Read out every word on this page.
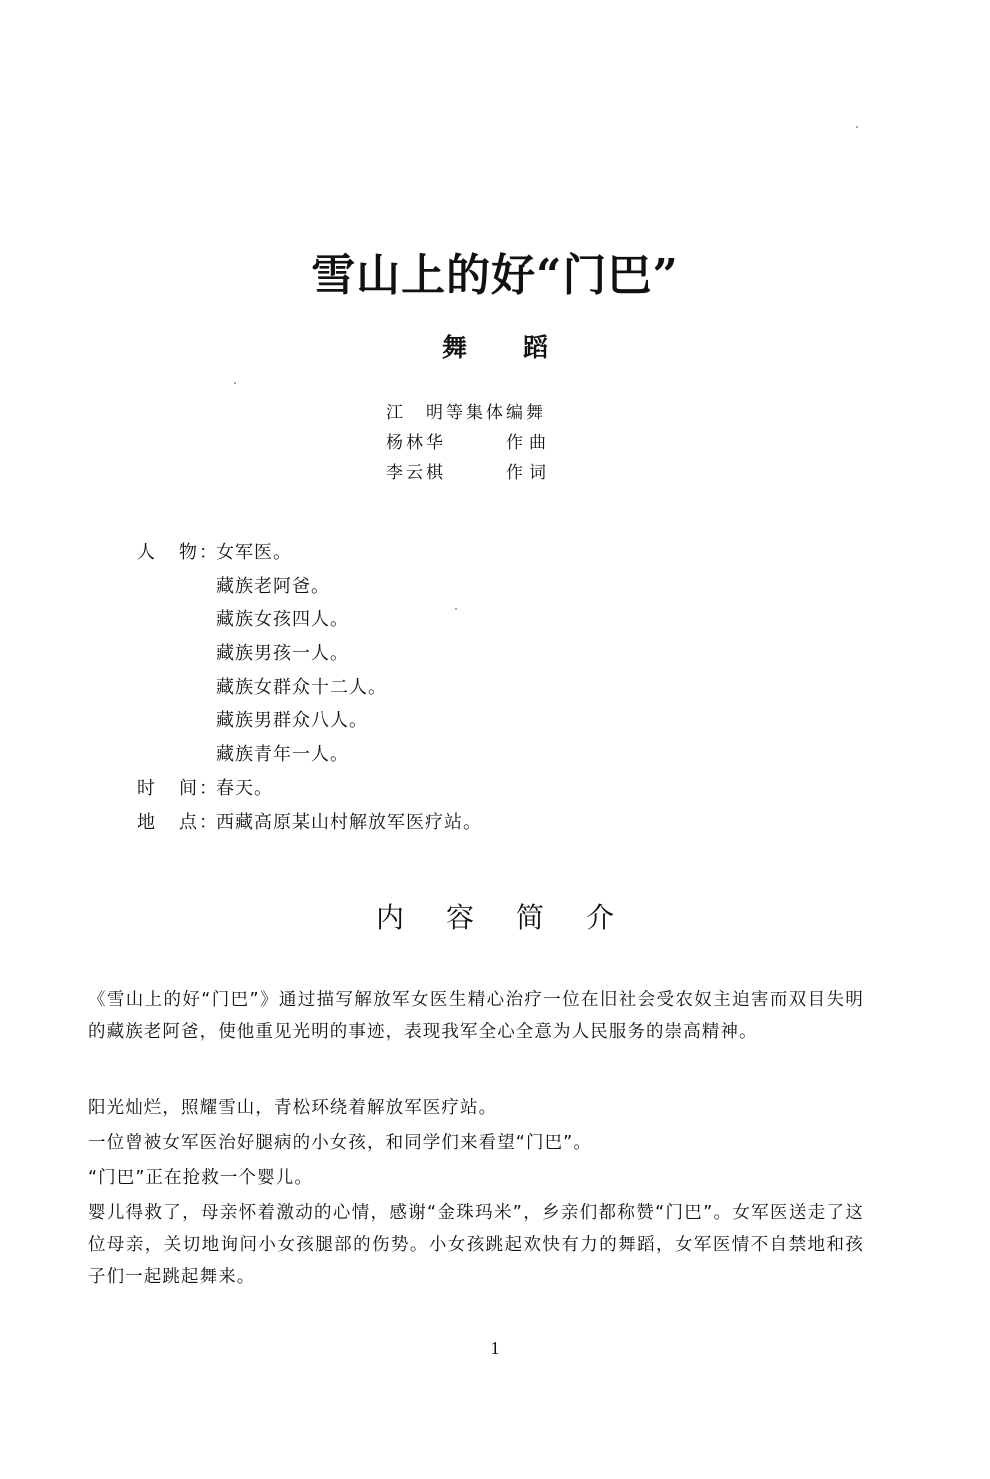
雪山上的好“门巴”
舞 蹈
江　明等集体编舞
杨林华	作曲
李云棋	作词
人	物 ： 女军医。
藏族老阿爸。
藏族女孩四人。
藏族男孩一人。
藏族女群众十二人。
藏族男群众八人。
藏族青年一人。
时	间 ： 春天。
地	点 ： 西藏高原某山村解放军医疗站。
内 容 简 介

《雪山上的好“门巴”》通过描写解放军女医生精心治疗一位在旧社会受农奴主迫害而双目失明的藏族老阿爸，使他重见光明的事迹，表现我军全心全意为人民服务的崇高精神。

阳光灿烂，照耀雪山，青松环绕着解放军医疗站。

一位曾被女军医治好腿病的小女孩，和同学们来看望“门巴”。

“门巴”正在抢救一个婴儿。

婴儿得救了，母亲怀着激动的心情，感谢“金珠玛米”，乡亲们都称赞“门巴”。女军医送走了这位母亲，关切地询问小女孩腿部的伤势。小女孩跳起欢快有力的舞蹈，女军医情不自禁地和孩子们一起跳起舞来。

1
